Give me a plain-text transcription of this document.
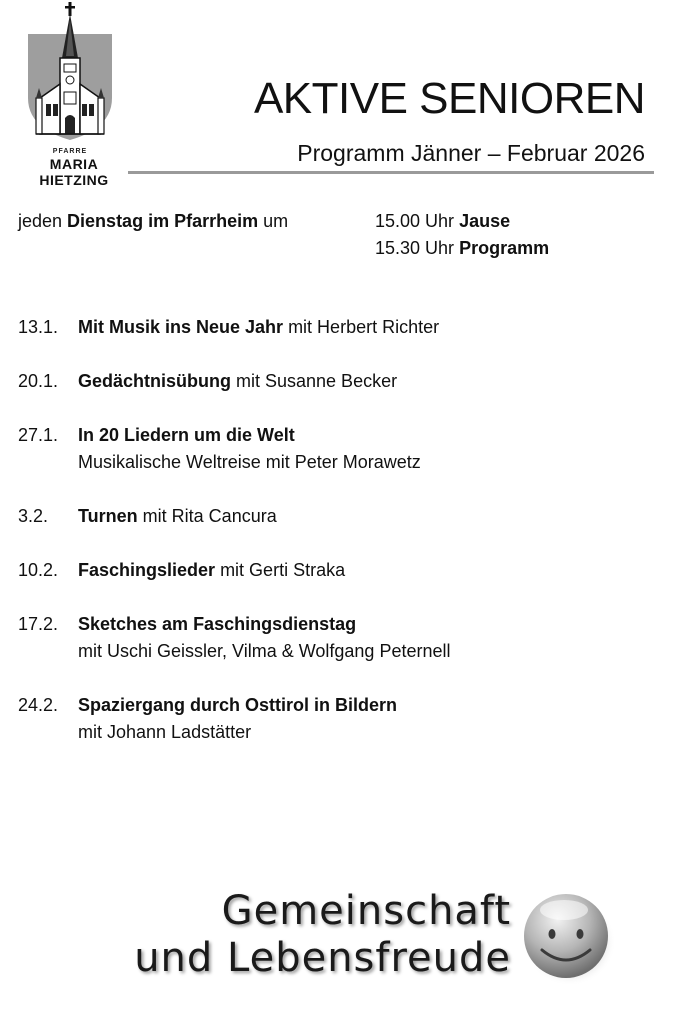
PFARRE
MARIA HIETZING
AKTIVE SENIOREN
Programm Jänner – Februar 2026
jeden Dienstag im Pfarrheim um	15.00 Uhr Jause
15.30 Uhr Programm
13.1.	Mit Musik ins Neue Jahr mit Herbert Richter
20.1.	Gedächtnisübung mit Susanne Becker
27.1.	In 20 Liedern um die Welt
Musikalische Weltreise mit Peter Morawetz
3.2.	Turnen mit Rita Cancura
10.2.	Faschingslieder mit Gerti Straka
17.2.	Sketches am Faschingsdienstag
mit Uschi Geissler, Vilma & Wolfgang Peternell
24.2.	Spaziergang durch Osttirol in Bildern
mit Johann Ladstätter
Gemeinschaft
und Lebensfreude
